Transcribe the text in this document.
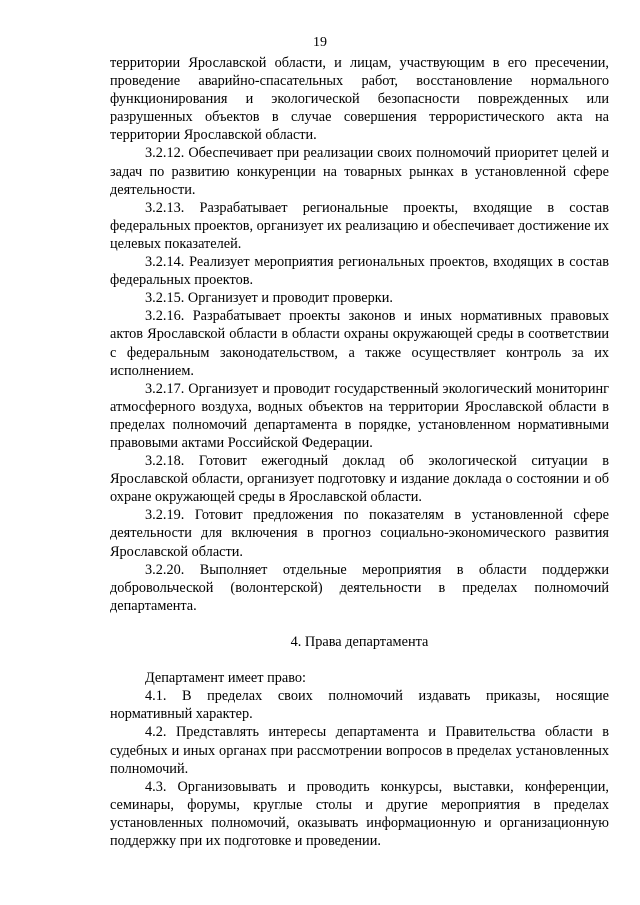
19

территории Ярославской области, и лицам, участвующим в его пресечении, проведение аварийно-спасательных работ, восстановление нормального функционирования и экологической безопасности поврежденных или разрушенных объектов в случае совершения террористического акта на территории Ярославской области.

3.2.12. Обеспечивает при реализации своих полномочий приоритет целей и задач по развитию конкуренции на товарных рынках в установленной сфере деятельности.

3.2.13. Разрабатывает региональные проекты, входящие в состав федеральных проектов, организует их реализацию и обеспечивает достижение их целевых показателей.

3.2.14. Реализует мероприятия региональных проектов, входящих в состав федеральных проектов.

3.2.15. Организует и проводит проверки.

3.2.16. Разрабатывает проекты законов и иных нормативных правовых актов Ярославской области в области охраны окружающей среды в соответствии с федеральным законодательством, а также осуществляет контроль за их исполнением.

3.2.17. Организует и проводит государственный экологический мониторинг атмосферного воздуха, водных объектов на территории Ярославской области в пределах полномочий департамента в порядке, установленном нормативными правовыми актами Российской Федерации.

3.2.18. Готовит ежегодный доклад об экологической ситуации в Ярославской области, организует подготовку и издание доклада о состоянии и об охране окружающей среды в Ярославской области.

3.2.19. Готовит предложения по показателям в установленной сфере деятельности для включения в прогноз социально-экономического развития Ярославской области.

3.2.20. Выполняет отдельные мероприятия в области поддержки добровольческой (волонтерской) деятельности в пределах полномочий департамента.

4. Права департамента

Департамент имеет право:

4.1. В пределах своих полномочий издавать приказы, носящие нормативный характер.

4.2. Представлять интересы департамента и Правительства области в судебных и иных органах при рассмотрении вопросов в пределах установленных полномочий.

4.3. Организовывать и проводить конкурсы, выставки, конференции, семинары, форумы, круглые столы и другие мероприятия в пределах установленных полномочий, оказывать информационную и организационную поддержку при их подготовке и проведении.
